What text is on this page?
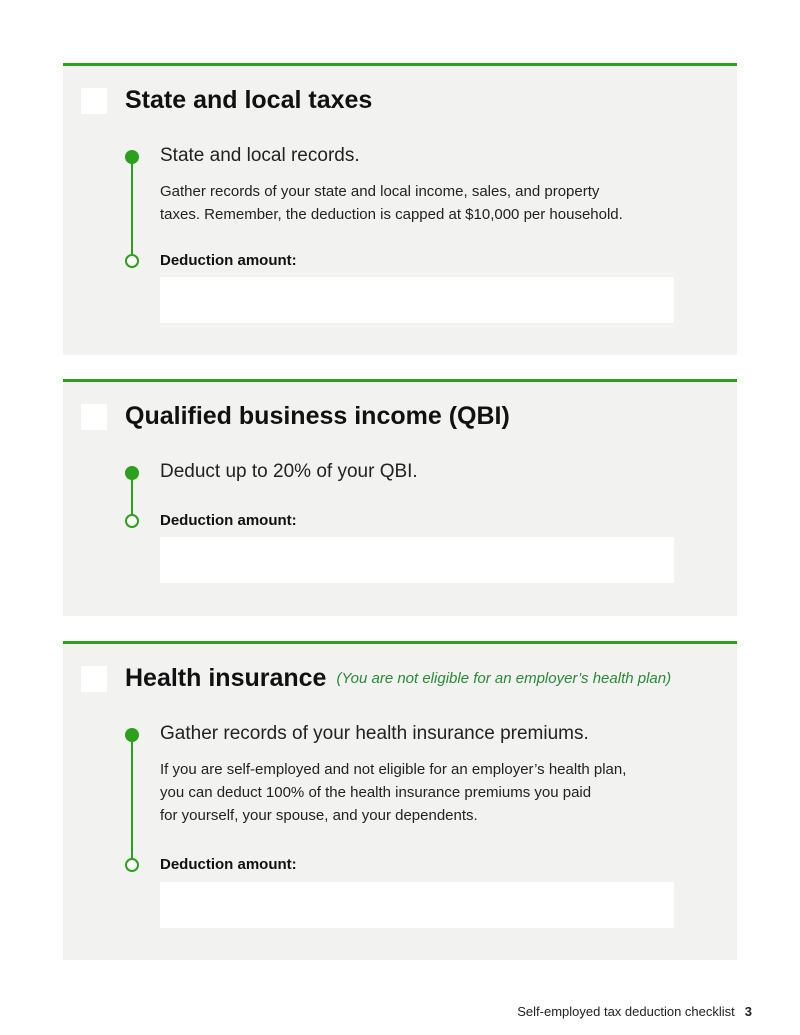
State and local taxes
State and local records.

Gather records of your state and local income, sales, and property

taxes. Remember, the deduction is capped at $10,000 per household.

Deduction amount:
Qualified business income (QBI)
Deduct up to 20% of your QBI.
Deduction amount:
Health insurance (You are not eligible for an employer’s health plan)
Gather records of your health insurance premiums.

If you are self-employed and not eligible for an employer’s health plan,

you can deduct 100% of the health insurance premiums you paid

for yourself, your spouse, and your dependents.

Deduction amount:
Self-employed tax deduction checklist 3
